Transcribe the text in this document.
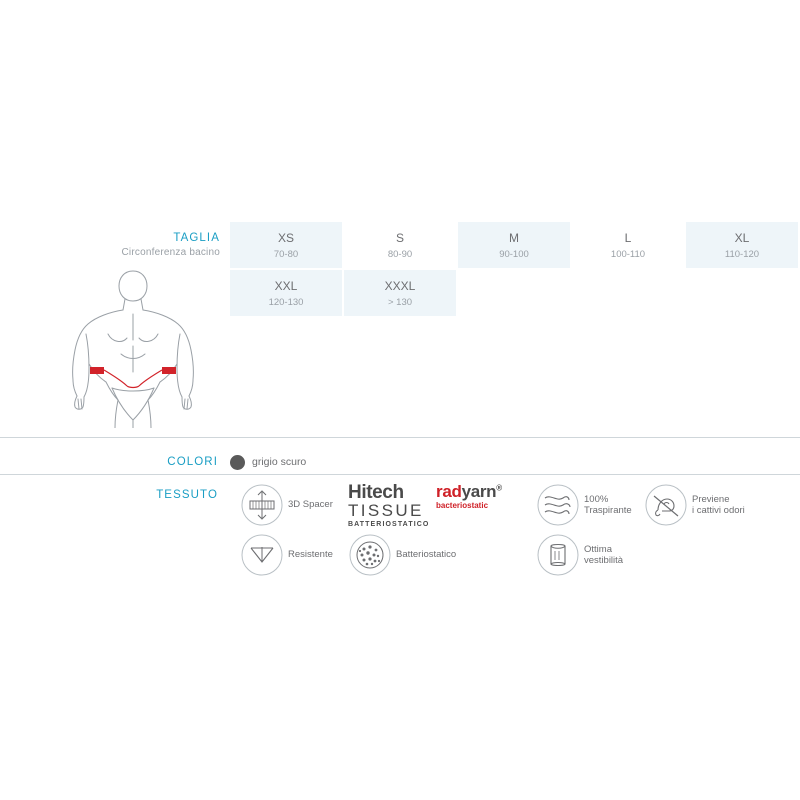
TAGLIA
Circonferenza bacino
XS
70-80
S
80-90
M
90-100
L
100-110
XL
110-120
XXL
120-130
XXXL
> 130
COLORI	grigio scuro
TESSUTO
3D Spacer
Hitech
TISSUE
BATTERIOSTATICO
radyarn®
bacteriostatic
100%
Traspirante
Previene
i cattivi odori
Resistente	Batteriostatico
Ottima
vestibilità
